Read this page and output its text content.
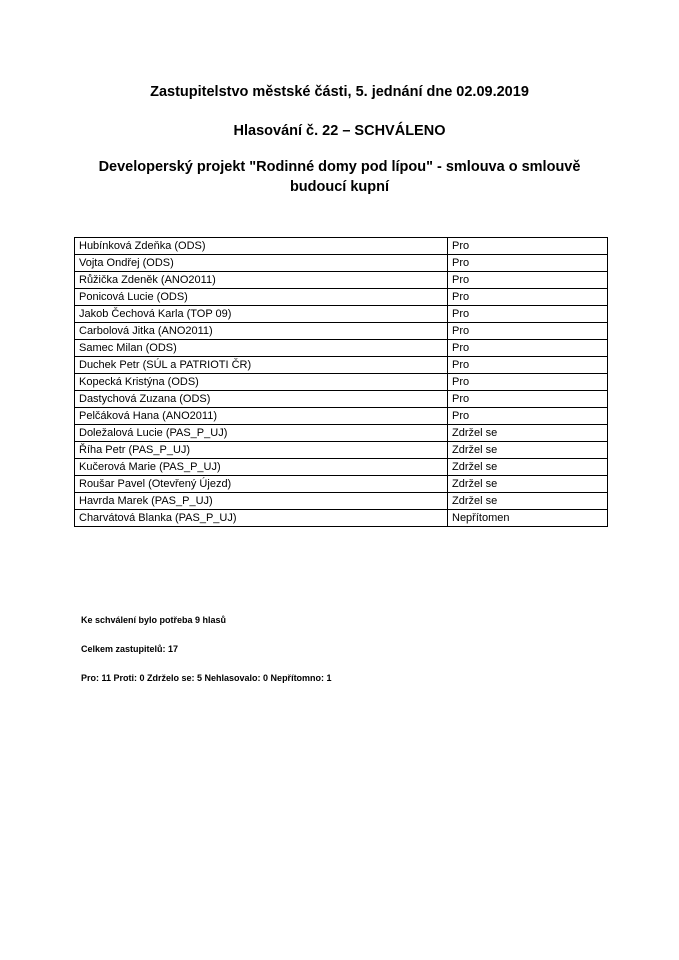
Zastupitelstvo městské části, 5. jednání dne 02.09.2019

Hlasování č. 22 – SCHVÁLENO

Developerský projekt "Rodinné domy pod lípou" - smlouva o smlouvě budoucí kupní

Hubínková Zdeňka (ODS)	Pro
Vojta Ondřej (ODS)	Pro
Růžička Zdeněk (ANO2011)	Pro
Ponicová Lucie (ODS)	Pro
Jakob Čechová Karla (TOP 09)	Pro
Carbolová Jitka (ANO2011)	Pro
Samec Milan (ODS)	Pro
Duchek Petr (SÚL a PATRIOTI ČR)	Pro
Kopecká Kristýna (ODS)	Pro
Dastychová Zuzana (ODS)	Pro
Pelčáková Hana (ANO2011)	Pro
Doležalová Lucie (PAS_P_UJ)	Zdržel se
Říha Petr (PAS_P_UJ)	Zdržel se
Kučerová Marie (PAS_P_UJ)	Zdržel se
Roušar Pavel (Otevřený Újezd)	Zdržel se
Havrda Marek (PAS_P_UJ)	Zdržel se
Charvátová Blanka (PAS_P_UJ)	Nepřítomen

Ke schválení bylo potřeba 9 hlasů

Celkem zastupitelů: 17

Pro: 11 Proti: 0 Zdrželo se: 5 Nehlasovalo: 0 Nepřítomno: 1
